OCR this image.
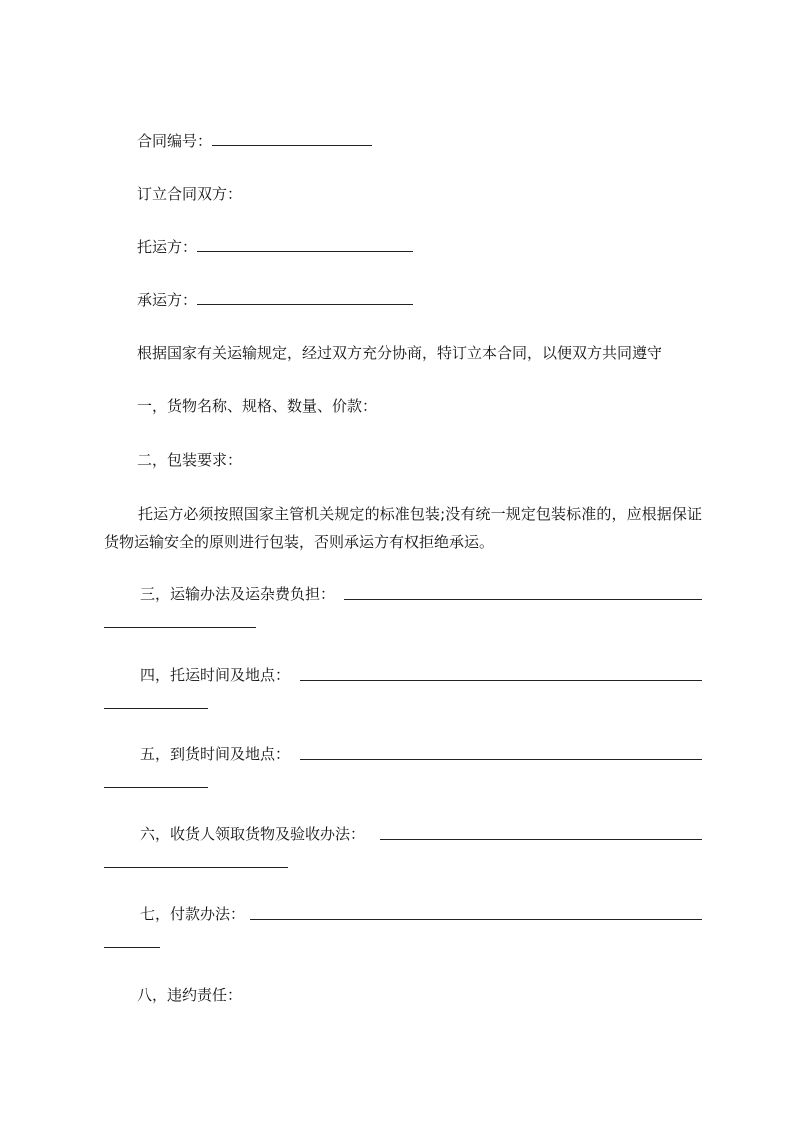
合同编号：
订立合同双方：
托运方：
承运方：
根据国家有关运输规定，经过双方充分协商，特订立本合同，以便双方共同遵守
一，货物名称、规格、数量、价款：
二，包装要求：
托运方必须按照国家主管机关规定的标准包装;没有统一规定包装标准的，应根据保证货物运输安全的原则进行包装，否则承运方有权拒绝承运。
三，运输办法及运杂费负担：
四，托运时间及地点：
五，到货时间及地点：
六，收货人领取货物及验收办法：
七，付款办法：
八，违约责任：
